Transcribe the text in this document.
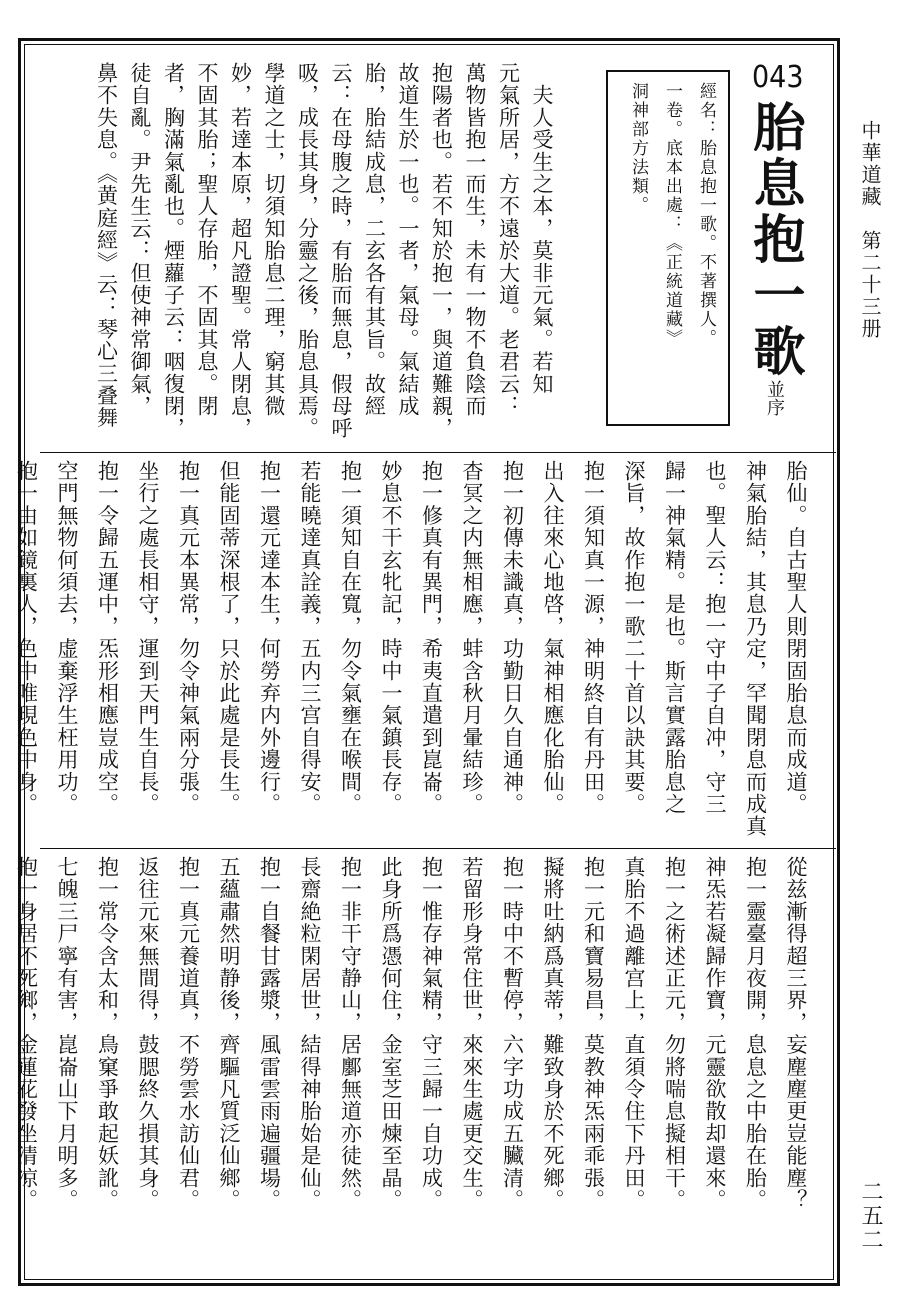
中華道藏　第二十三册
二五二
043
胎息抱一歌並序
經名：胎息抱一歌。不著撰人。
一卷。底本出處：《正統道藏》
洞神部方法類。

　夫人受生之本，莫非元氣。若知

元氣所居，方不遠於大道。老君云：

萬物皆抱一而生，未有一物不負陰而

抱陽者也。若不知於抱一，與道難親，

故道生於一也。一者，氣母。氣結成

胎，胎結成息，二玄各有其旨。故經

云：在母腹之時，有胎而無息，假母呼

吸，成長其身，分靈之後，胎息具焉。

學道之士，切須知胎息二理，窮其微

妙，若達本原，超凡證聖。常人閉息，

不固其胎；聖人存胎，不固其息。閉

者，胸滿氣亂也。煙蘿子云：咽復閉，

徒自亂。尹先生云：但使神常御氣，

鼻不失息。《黄庭經》云：琴心三叠舞

胎仙。自古聖人則閉固胎息而成道。

神氣胎結，其息乃定，罕聞閉息而成真

也。聖人云：抱一守中子自冲，守三

歸一神氣精。是也。斯言實露胎息之

深旨，故作抱一歌二十首以訣其要。

抱一須知真一源，神明終自有丹田。

出入往來心地啓，氣神相應化胎仙。

抱一初傳未識真，功勤日久自通神。

杳冥之内無相應，蚌含秋月暈結珍。

抱一修真有異門，希夷直遣到崑崙。

妙息不干玄牝記，時中一氣鎮長存。

抱一須知自在寬，勿令氣壅在喉間。

若能曉達真詮義，五内三宫自得安。

抱一還元達本生，何勞弃内外邊行。

但能固蒂深根了，只於此處是長生。

抱一真元本異常，勿令神氣兩分張。

坐行之處長相守，運到天門生自長。

抱一令歸五運中，炁形相應豈成空。

空門無物何須去，虚棄浮生枉用功。

抱一由如鏡裏人，色中唯現色中身。

從兹漸得超三界，妄塵塵更豈能塵？

抱一靈臺月夜開，息息之中胎在胎。

神炁若凝歸作寶，元靈欲散却還來。

抱一之術述正元，勿將喘息擬相干。

真胎不過離宫上，直須令住下丹田。

抱一元和寶易昌，莫教神炁兩乖張。

擬將吐納爲真蒂，難致身於不死鄉。

抱一時中不暫停，六字功成五臟清。

若留形身常住世，來來生處更交生。

抱一惟存神氣精，守三歸一自功成。

此身所爲憑何住，金室芝田煉至晶。

抱一非干守静山，居鄽無道亦徒然。

長齋絶粒閑居世，結得神胎始是仙。

抱一自餐甘露漿，風雷雲雨遍疆場。

五蘊肅然明静後，齊驅凡質泛仙鄉。

抱一真元養道真，不勞雲水訪仙君。

返往元來無間得，鼓腮終久損其身。

抱一常令含太和，鳥窠爭敢起妖訛。

七魄三尸寧有害，崑崙山下月明多。

抱一身居不死鄉，金蓮花發坐清凉。
